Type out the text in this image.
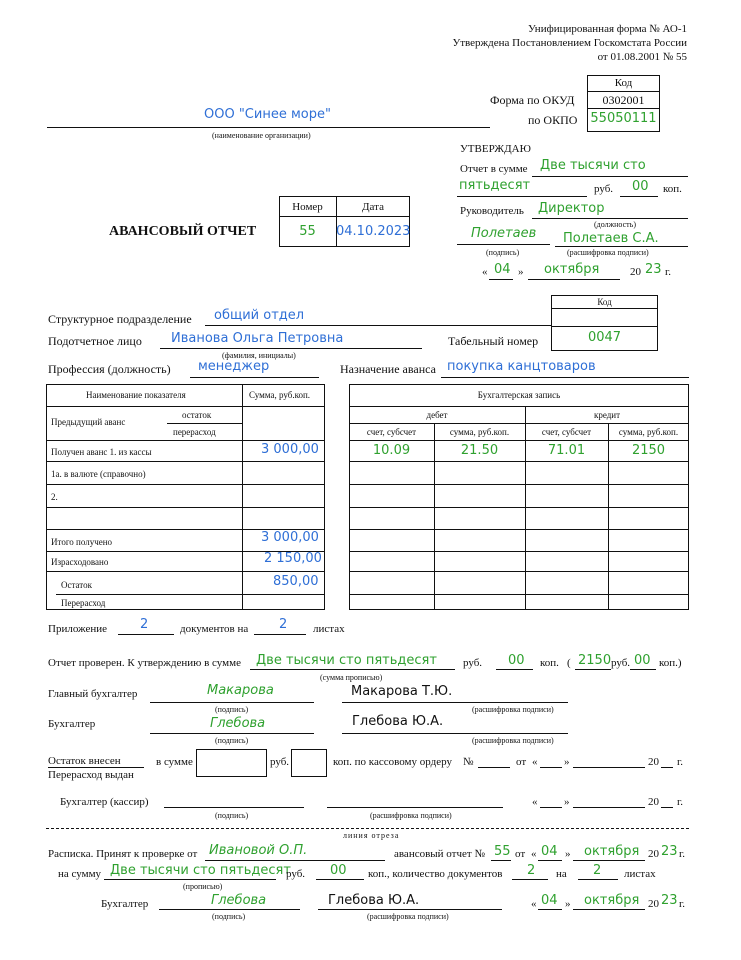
Унифицированная форма № АО-1
Утверждена Постановлением Госкомстата России
от 01.08.2001 № 55
Код
Форма по ОКУД	0302001
по ОКПО 55050111
ООО "Синее море"
(наименование организации)
УТВЕРЖДАЮ
Отчет в сумме Две тысячи сто
пятьдесят	руб. 00 коп.
Руководитель Директор
(должность)
Полетаев Полетаев С.А.
(подпись)	(расшифровка подписи)
« 04 » октября	20 23 г.
АВАНСОВЫЙ ОТЧЕТ
Номер	Дата
55	04.10.2023
Код
Структурное подразделение общий отдел
Подотчетное лицо Иванова Ольга Петровна
(фамилия, инициалы)
Табельный номер	0047
Профессия (должность) менеджер	Назначение аванса покупка канцтоваров
Наименование показателя	Сумма, руб.коп.
Предыдущий аванс
остаток
перерасход
Получен аванс 1. из кассы	3 000,00
1а. в валюте (справочно)
2.
Итого получено	3 000,00
Израсходовано	2 150,00
Остаток	850,00
Перерасход
Бухгалтерская запись
дебет	кредит
счет, субсчет	сумма, руб.коп.	счет, субсчет	сумма, руб.коп.
10.09	21.50	71.01	2150
Приложение	2	документов на 2 листах
Отчет проверен. К утверждению в сумме Две тысячи сто пятьдесят
(сумма прописью)
руб. 00 коп. ( 2150 руб. 00 коп.)
Главный бухгалтер	Макарова
(подпись)
Макарова Т.Ю.
(расшифровка подписи)
Бухгалтер	Глебова
(подпись)
Глебова Ю.А.
(расшифровка подписи)
Остаток внесен
Перерасход выдан
в сумме	руб.	коп. по кассовому ордеру №	от « »	20 г.
Бухгалтер (кассир)
(подпись)	(расшифровка подписи)
« »	20 г.
линия отреза
Расписка. Принят к проверке от Ивановой О.П.	авансовый отчет № 55 от « 04 » октября 20 23 г.
на сумму Две тысячи сто пятьдесят
(прописью)
руб. 00 коп., количество документов 2 на 2 листах
Бухгалтер	Глебова
(подпись)
Глебова Ю.А.
(расшифровка подписи)
« 04 » октября 20 23 г.
